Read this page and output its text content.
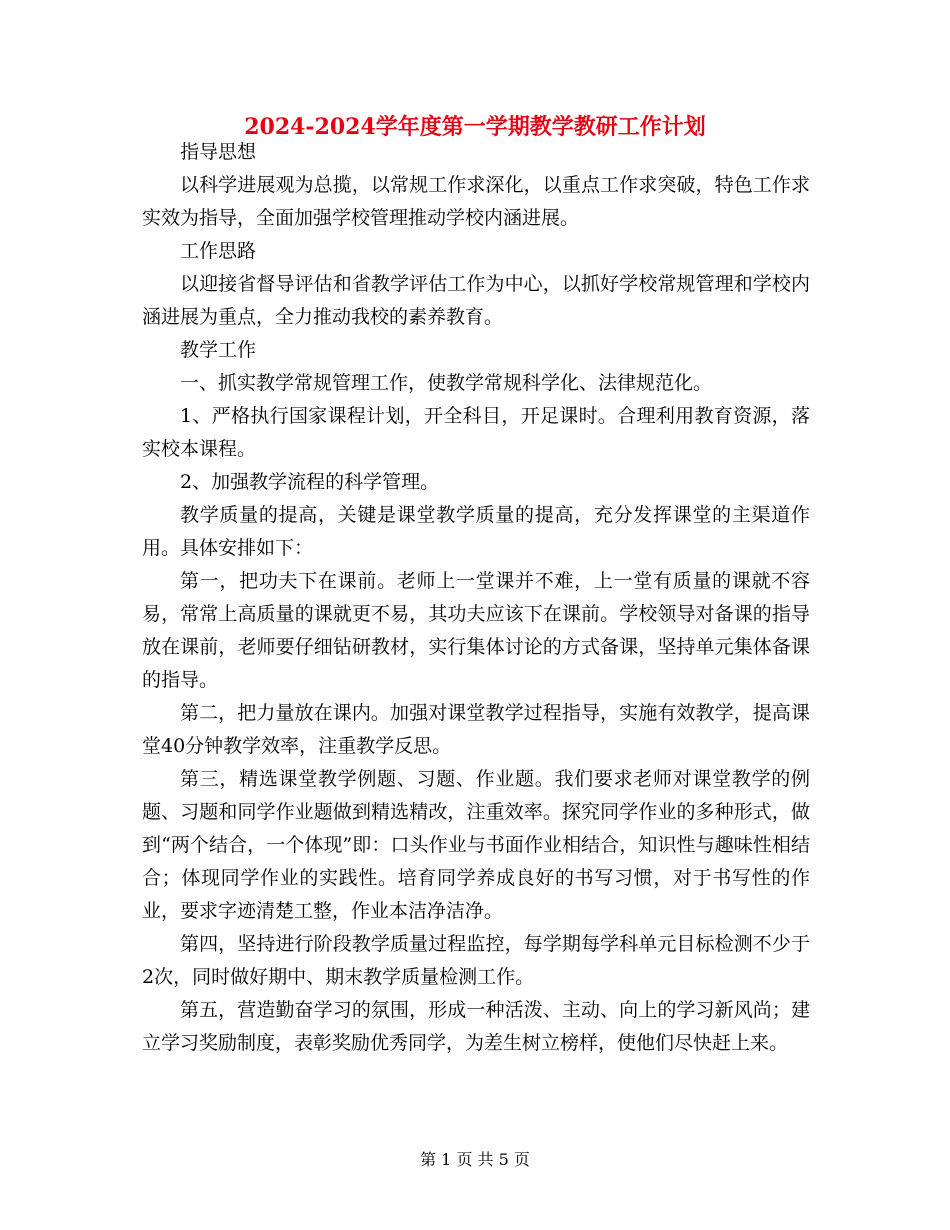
2024-2024学年度第一学期教学教研工作计划

指导思想

以科学进展观为总揽，以常规工作求深化，以重点工作求突破，特色工作求实效为指导，全面加强学校管理推动学校内涵进展。

工作思路

以迎接省督导评估和省教学评估工作为中心，以抓好学校常规管理和学校内涵进展为重点，全力推动我校的素养教育。

教学工作

一、抓实教学常规管理工作，使教学常规科学化、法律规范化。

1、严格执行国家课程计划，开全科目，开足课时。合理利用教育资源，落实校本课程。

2、加强教学流程的科学管理。

教学质量的提高，关键是课堂教学质量的提高，充分发挥课堂的主渠道作用。具体安排如下：

第一，把功夫下在课前。老师上一堂课并不难，上一堂有质量的课就不容易，常常上高质量的课就更不易，其功夫应该下在课前。学校领导对备课的指导放在课前，老师要仔细钻研教材，实行集体讨论的方式备课，坚持单元集体备课的指导。

第二，把力量放在课内。加强对课堂教学过程指导，实施有效教学，提高课堂40分钟教学效率，注重教学反思。

第三，精选课堂教学例题、习题、作业题。我们要求老师对课堂教学的例题、习题和同学作业题做到精选精改，注重效率。探究同学作业的多种形式，做到“两个结合，一个体现”即：口头作业与书面作业相结合，知识性与趣味性相结合；体现同学作业的实践性。培育同学养成良好的书写习惯，对于书写性的作业，要求字迹清楚工整，作业本洁净洁净。

第四，坚持进行阶段教学质量过程监控，每学期每学科单元目标检测不少于2次，同时做好期中、期末教学质量检测工作。

第五，营造勤奋学习的氛围，形成一种活泼、主动、向上的学习新风尚；建立学习奖励制度，表彰奖励优秀同学，为差生树立榜样，使他们尽快赶上来。

第 1 页 共 5 页
